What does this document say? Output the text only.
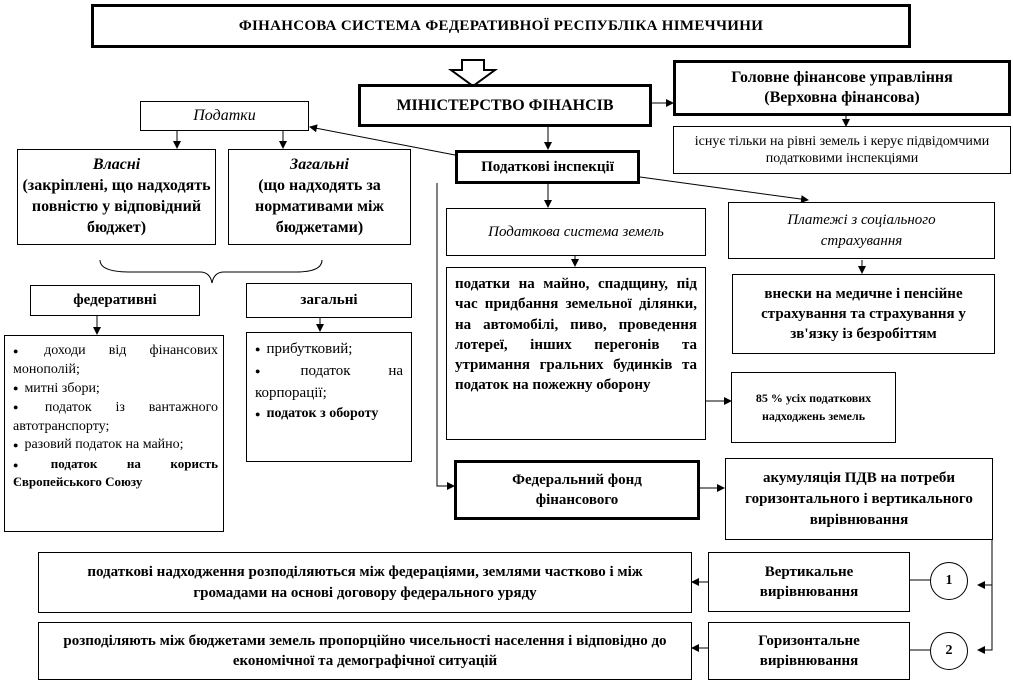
ФІНАНСОВА СИСТЕМА ФЕДЕРАТИВНОЇ РЕСПУБЛІКА НІМЕЧЧИНИ
МІНІСТЕРСТВО ФІНАНСІВ
Головне фінансове управління
(Верховна фінансова)
існує тільки на рівні земель і керує підвідомчими податковими інспекціями
Податки
Власні
(закріплені, що надходять повністю у відповідний бюджет)
Загальні
(що надходять за нормативами між бюджетами)
федеративні
● доходи від фінансових монополій;
● митні збори;
● податок із вантажного автотранспорту;
● разовий податок на майно;
● податок на користь Європейського Союзу
загальні
● прибутковий;
● податок на корпорації;
● податок з обороту
Податкові інспекції
Податкова система земель
податки на майно, спадщину, під час придбання земельної ділянки, на автомобілі, пиво, проведення лотереї, інших перегонів та утримання гральних будинків та податок на пожежну оборону
85 % усіх податкових надходжень земель
Платежі з соціального страхування
внески на медичне і пенсійне страхування та страхування у зв'язку із безробіттям
Федеральний фонд фінансового
акумуляція ПДВ на потреби горизонтального і вертикального вирівнювання
податкові надходження розподіляються між федераціями, землями частково і між громадами на основі договору федерального уряду
Вертикальне вирівнювання
1
розподіляють між бюджетами земель пропорційно чисельності населення і відповідно до економічної та демографічної ситуацій
Горизонтальне вирівнювання
2
